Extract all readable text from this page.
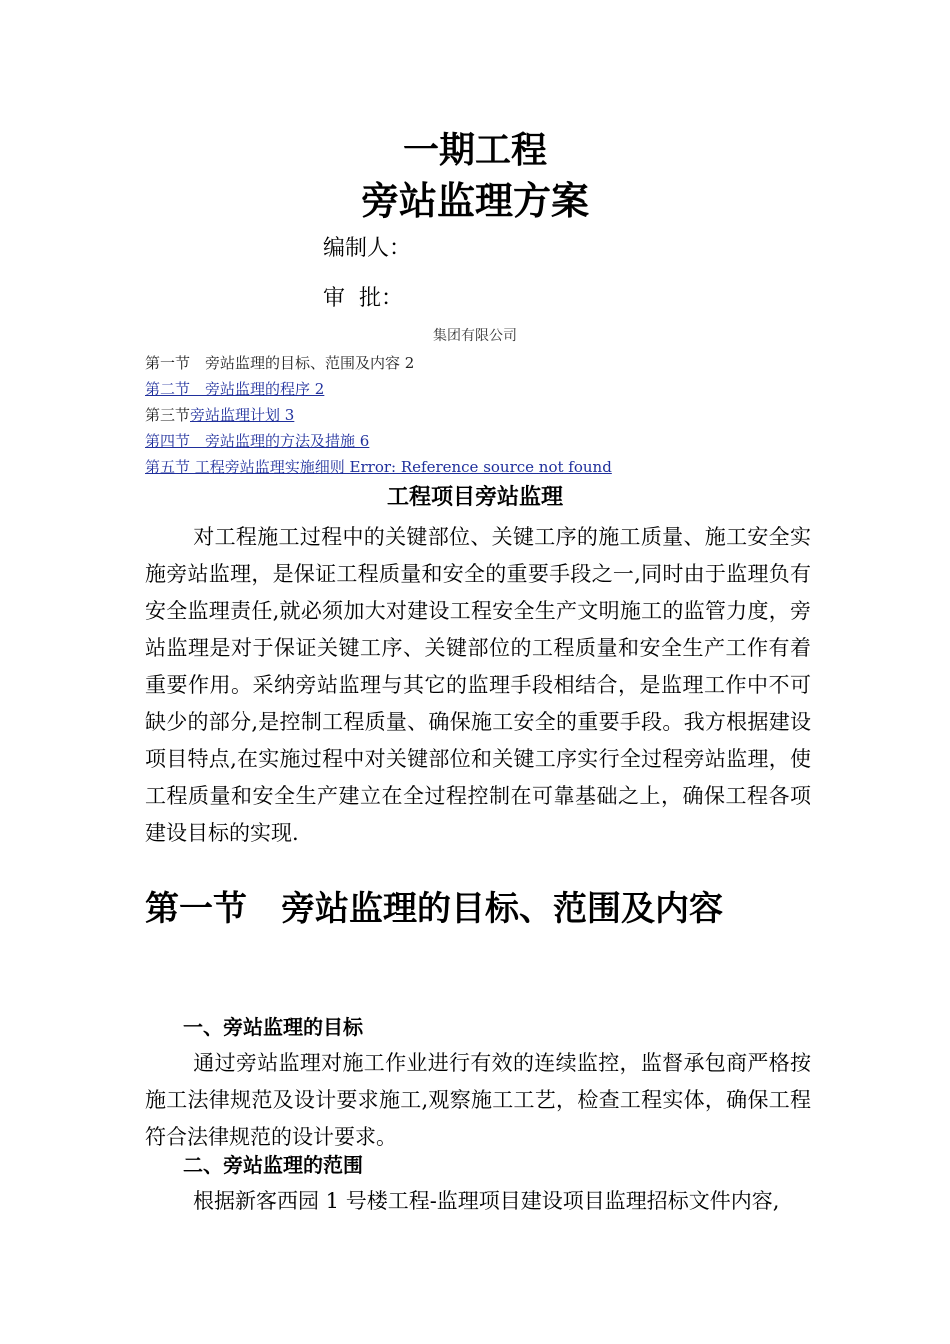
一期工程
旁站监理方案
编制人：
审  批：
集团有限公司
第一节　旁站监理的目标、范围及内容 2
第二节　旁站监理的程序 2
第三节旁站监理计划 3
第四节　旁站监理的方法及措施 6
第五节 工程旁站监理实施细则 Error: Reference source not found
工程项目旁站监理
对工程施工过程中的关键部位、关键工序的施工质量、施工安全实施旁站监理，是保证工程质量和安全的重要手段之一,同时由于监理负有安全监理责任,就必须加大对建设工程安全生产文明施工的监管力度，旁站监理是对于保证关键工序、关键部位的工程质量和安全生产工作有着重要作用。采纳旁站监理与其它的监理手段相结合，是监理工作中不可缺少的部分,是控制工程质量、确保施工安全的重要手段。我方根据建设项目特点,在实施过程中对关键部位和关键工序实行全过程旁站监理，使工程质量和安全生产建立在全过程控制在可靠基础之上，确保工程各项建设目标的实现.
第一节　旁站监理的目标、范围及内容
一、旁站监理的目标
通过旁站监理对施工作业进行有效的连续监控，监督承包商严格按施工法律规范及设计要求施工,观察施工工艺，检查工程实体，确保工程符合法律规范的设计要求。
二、旁站监理的范围
根据新客西园 1 号楼工程-监理项目建设项目监理招标文件内容,
